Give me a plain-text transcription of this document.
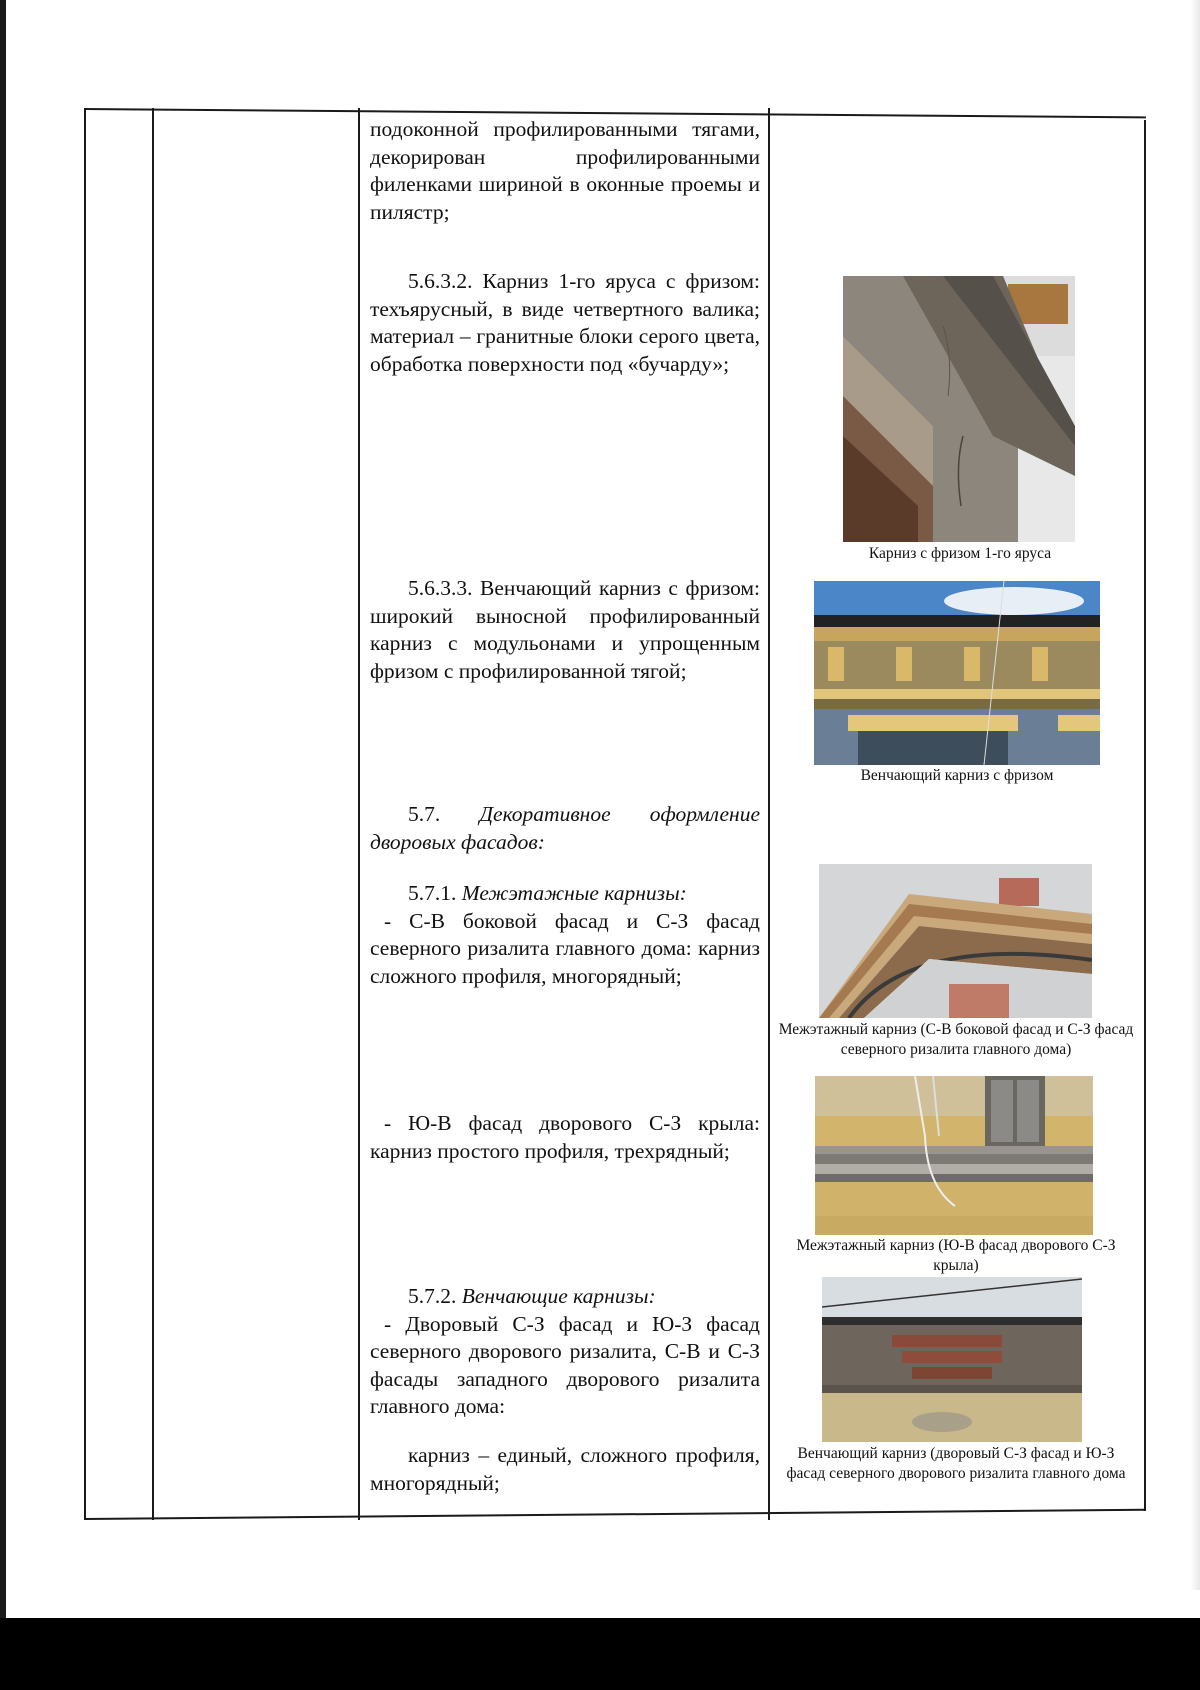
подоконной профилированными тягами, декорирован профилированными филенками шириной в оконные проемы и пилястр;

5.6.3.2. Карниз 1-го яруса с фризом: техъярусный, в виде четвертного валика; материал – гранитные блоки серого цвета, обработка поверхности под «бучарду»;

5.6.3.3. Венчающий карниз с фризом: широкий выносной профилированный карниз с модульонами и упрощенным фризом с профилированной тягой;

5.7. Декоративное оформление дворовых фасадов:

5.7.1. Межэтажные карнизы:

- С-В боковой фасад и С-З фасад северного ризалита главного дома: карниз сложного профиля, многорядный;

- Ю-В фасад дворового С-З крыла: карниз простого профиля, трехрядный;

5.7.2. Венчающие карнизы:

- Дворовый С-З фасад и Ю-З фасад северного дворового ризалита, С-В и С-З фасады западного дворового ризалита главного дома:

карниз – единый, сложного профиля, многорядный;

Карниз с фризом 1-го яруса
Венчающий карниз с фризом
Межэтажный карниз (С-В боковой фасад и С-З фасад северного ризалита главного дома)
Межэтажный карниз (Ю-В фасад дворового С-З крыла)
Венчающий карниз (дворовый С-З фасад и Ю-З фасад северного дворового ризалита главного дома
